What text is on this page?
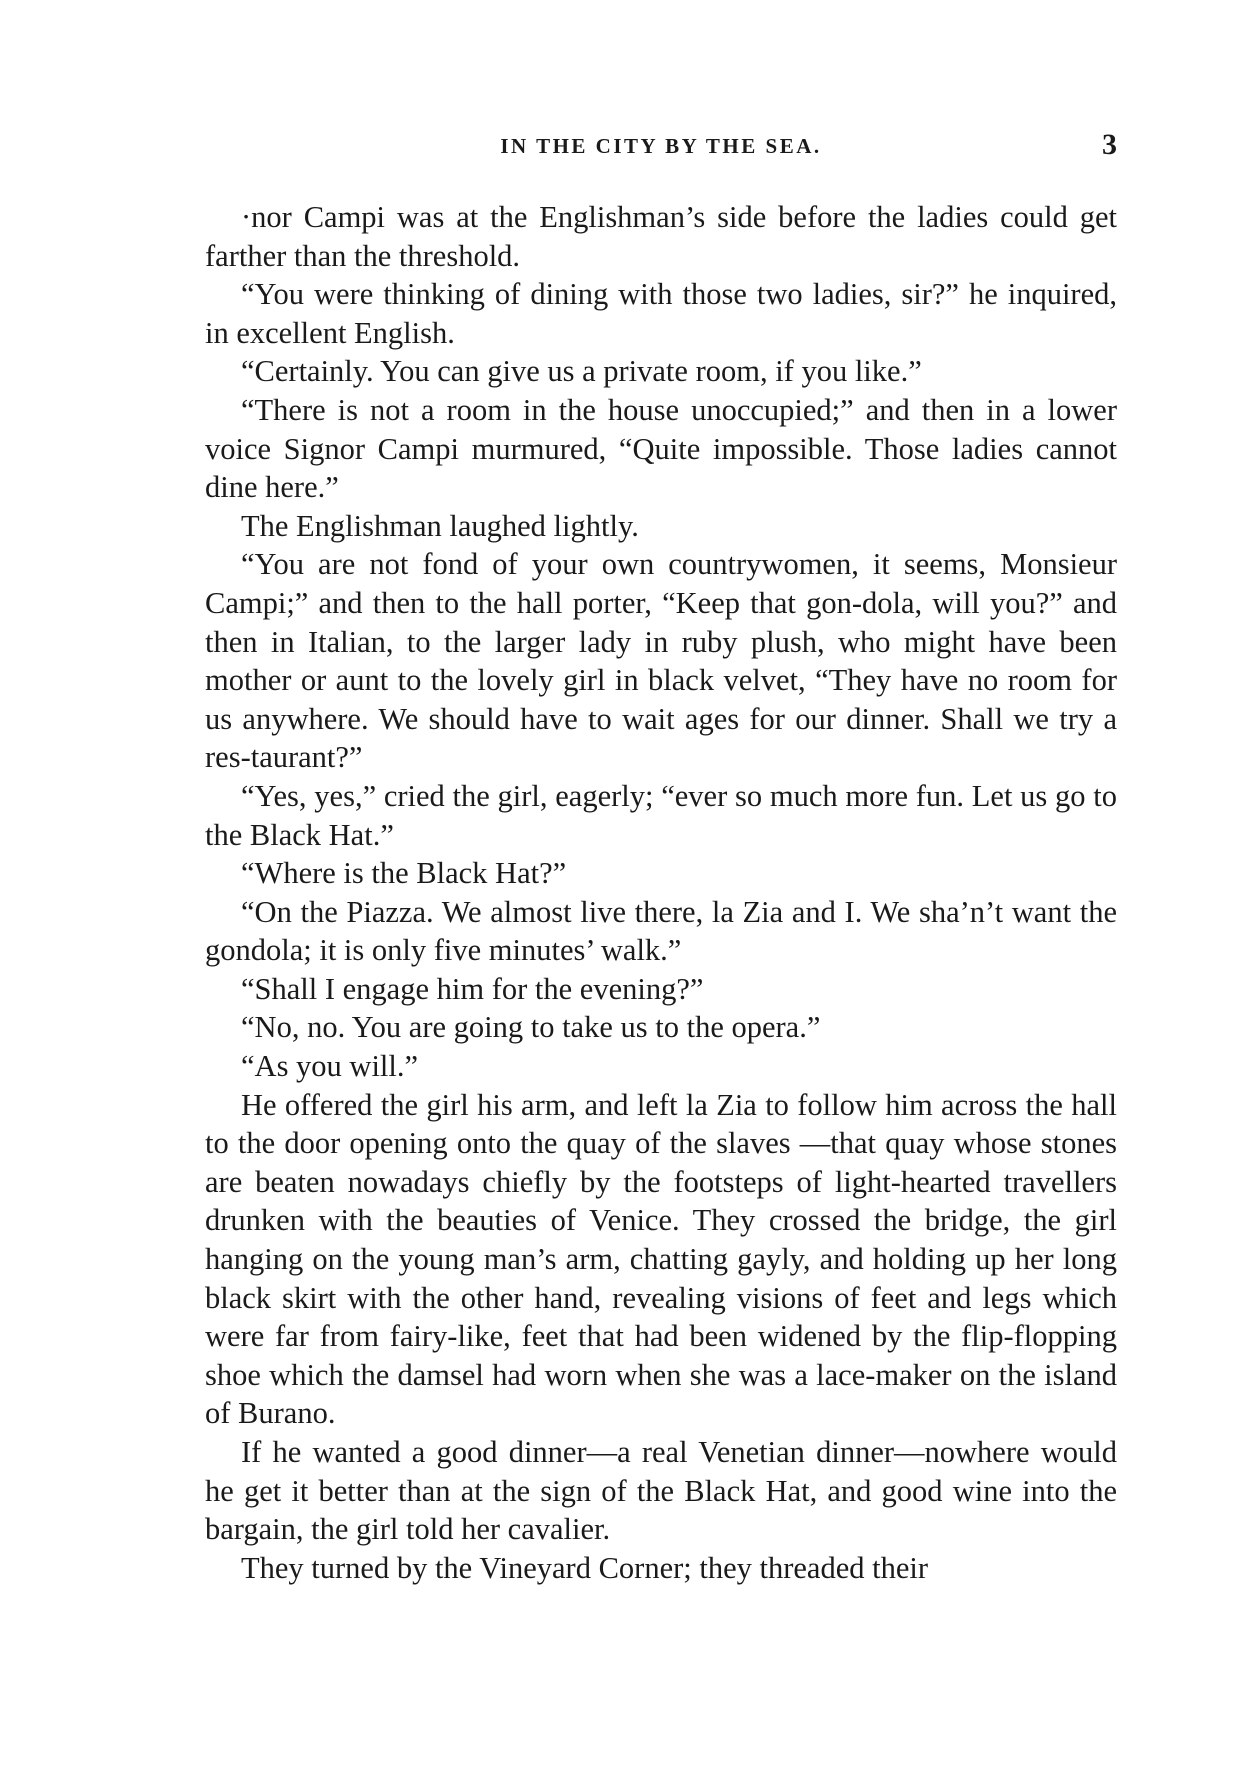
IN THE CITY BY THE SEA.	3

·nor Campi was at the Englishman’s side before the ladies could get farther than the threshold.

“You were thinking of dining with those two ladies, sir?” he inquired, in excellent English.

“Certainly. You can give us a private room, if you like.”

“There is not a room in the house unoccupied;” and then in a lower voice Signor Campi murmured, “Quite impossible. Those ladies cannot dine here.”

The Englishman laughed lightly.

“You are not fond of your own countrywomen, it seems, Monsieur Campi;” and then to the hall porter, “Keep that gon-dola, will you?” and then in Italian, to the larger lady in ruby plush, who might have been mother or aunt to the lovely girl in black velvet, “They have no room for us anywhere. We should have to wait ages for our dinner. Shall we try a res-taurant?”

“Yes, yes,” cried the girl, eagerly; “ever so much more fun. Let us go to the Black Hat.”

“Where is the Black Hat?”

“On the Piazza. We almost live there, la Zia and I. We sha’n’t want the gondola; it is only five minutes’ walk.”

“Shall I engage him for the evening?”

“No, no. You are going to take us to the opera.”

“As you will.”

He offered the girl his arm, and left la Zia to follow him across the hall to the door opening onto the quay of the slaves —that quay whose stones are beaten nowadays chiefly by the footsteps of light-hearted travellers drunken with the beauties of Venice. They crossed the bridge, the girl hanging on the young man’s arm, chatting gayly, and holding up her long black skirt with the other hand, revealing visions of feet and legs which were far from fairy-like, feet that had been widened by the flip-flopping shoe which the damsel had worn when she was a lace-maker on the island of Burano.

If he wanted a good dinner—a real Venetian dinner—nowhere would he get it better than at the sign of the Black Hat, and good wine into the bargain, the girl told her cavalier.

They turned by the Vineyard Corner; they threaded their
